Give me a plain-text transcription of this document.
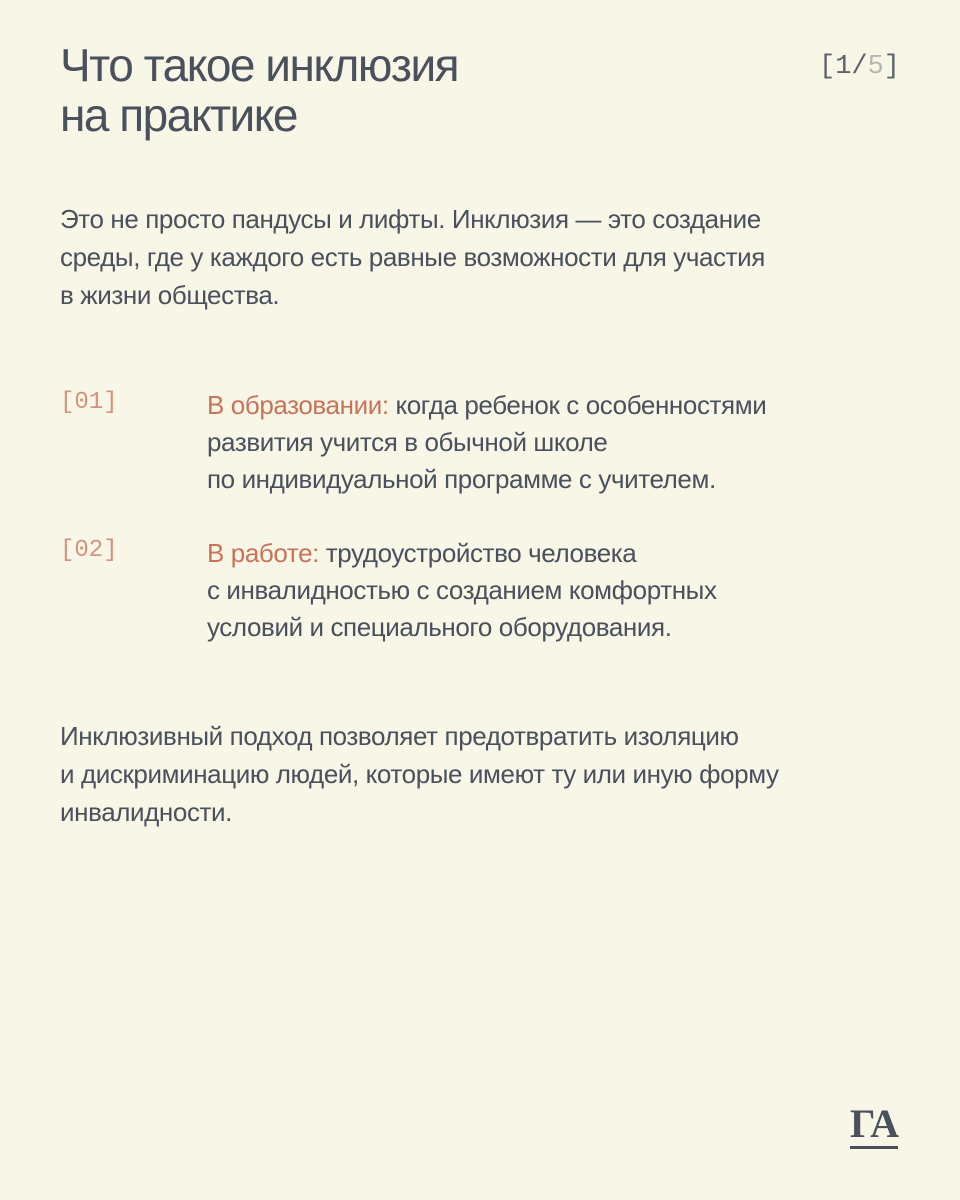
Что такое инклюзия
на практике
[1/5]

Это не просто пандусы и лифты. Инклюзия — это создание
среды, где у каждого есть равные возможности для участия
в жизни общества.

[01]	В образовании: когда ребенок с особенностями
развития учится в обычной школе
по индивидуальной программе с учителем.
[02]	В работе: трудоустройство человека
с инвалидностью с созданием комфортных
условий и специального оборудования.

Инклюзивный подход позволяет предотвратить изоляцию
и дискриминацию людей, которые имеют ту или иную форму
инвалидности.

ГА
